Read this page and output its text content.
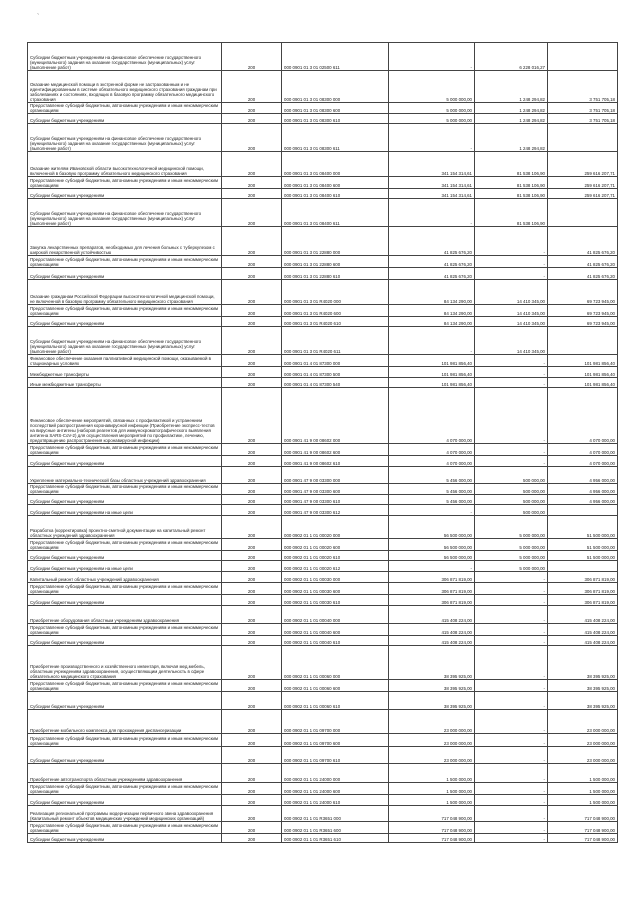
`
Субсидии бюджетным учреждениям на финансовое обеспечение государственного (муниципального) задания на оказание государственных (муниципальных) услуг (выполнение работ)	200	000 0901 01 3 01 02500 611	-	6 228 016,27	
Оказание медицинской помощи в экстренной форме не застрахованным и не идентифицированным в системе обязательного медицинского страхования гражданам при заболеваниях и состояниях, входящих в базовую программу обязательного медицинского страхования	200	000 0901 01 3 01 08300 000	5 000 000,00	1 248 294,82	3 751 705,18
Предоставление субсидий бюджетным, автономным учреждениям и иным некоммерческим организациям	200	000 0901 01 3 01 08300 600	5 000 000,00	1 248 294,82	3 751 705,18
Субсидии бюджетным учреждениям	200	000 0901 01 3 01 08300 610	5 000 000,00	1 248 294,82	3 751 705,18
Субсидии бюджетным учреждениям на финансовое обеспечение государственного (муниципального) задания на оказание государственных (муниципальных) услуг (выполнение работ)	200	000 0901 01 3 01 08300 611	-	1 248 294,82	
Оказание жителям Ивановской области высокотехнологичной медицинской помощи, включенной в базовую программу обязательного медицинского страхования	200	000 0901 01 3 01 08400 000	341 154 314,61	81 538 106,90	259 616 207,71
Предоставление субсидий бюджетным, автономным учреждениям и иным некоммерческим организациям	200	000 0901 01 3 01 08400 600	341 154 314,61	81 538 106,90	259 616 207,71
Субсидии бюджетным учреждениям	200	000 0901 01 3 01 08400 610	341 154 314,61	81 538 106,90	259 616 207,71
Субсидии бюджетным учреждениям на финансовое обеспечение государственного (муниципального) задания на оказание государственных (муниципальных) услуг (выполнение работ)	200	000 0901 01 3 01 08400 611	-	81 538 106,90	
Закупка лекарственных препаратов, необходимых для лечения больных с туберкулезом с широкой лекарственной устойчивостью	200	000 0901 01 3 01 22880 000	41 825 676,20	-	41 825 676,20
Предоставление субсидий бюджетным, автономным учреждениям и иным некоммерческим организациям	200	000 0901 01 3 01 22880 600	41 825 676,20	-	41 825 676,20
Субсидии бюджетным учреждениям	200	000 0901 01 3 01 22880 610	41 825 676,20	-	41 825 676,20
Оказание гражданам Российской Федерации высокотехнологичной медицинской помощи, не включенной в базовую программу обязательного медицинского страхования	200	000 0901 01 3 01 R4020 000	84 134 290,00	14 410 345,00	69 723 945,00
Предоставление субсидий бюджетным, автономным учреждениям и иным некоммерческим организациям	200	000 0901 01 3 01 R4020 600	84 134 290,00	14 410 345,00	69 723 945,00
Субсидии бюджетным учреждениям	200	000 0901 01 3 01 R4020 610	84 134 290,00	14 410 345,00	69 723 945,00
Субсидии бюджетным учреждениям на финансовое обеспечение государственного (муниципального) задания на оказание государственных (муниципальных) услуг (выполнение работ)	200	000 0901 01 3 01 R4020 611	-	14 410 345,00	
Финансовое обеспечение оказания паллиативной медицинской помощи, оказываемой в стационарных условиях	200	000 0901 01 4 01 87300 000	101 981 856,40	-	101 981 856,40
Межбюджетные трансферты	200	000 0901 01 4 01 87300 500	101 981 856,40	-	101 981 856,40
Иные межбюджетные трансферты	200	000 0901 01 4 01 87300 540	101 981 856,40	-	101 981 856,40
Финансовое обеспечение мероприятий, связанных с профилактикой и устранением последствий распространения коронавирусной инфекции (Приобретение экспресс-тестов на вирусные антигены (наборов реагентов для иммунохроматографического выявления антигена SARS-CoV-2) для осуществления мероприятий по профилактике, лечению, предотвращению распространения коронавирусной инфекции)	200	000 0901 41 9 00 08602 000	4 070 000,00	-	4 070 000,00
Предоставление субсидий бюджетным, автономным учреждениям и иным некоммерческим организациям	200	000 0901 41 9 00 08602 600	4 070 000,00	-	4 070 000,00
Субсидии бюджетным учреждениям	200	000 0901 41 9 00 08602 610	4 070 000,00	-	4 070 000,00
Укрепление материально-технической базы областных учреждений здравоохранения	200	000 0901 47 9 00 03300 000	5 456 000,00	500 000,00	4 956 000,00
Предоставление субсидий бюджетным, автономным учреждениям и иным некоммерческим организациям	200	000 0901 47 9 00 03300 600	5 456 000,00	500 000,00	4 956 000,00
Субсидии бюджетным учреждениям	200	000 0901 47 9 00 03300 610	5 456 000,00	500 000,00	4 956 000,00
Субсидии бюджетным учреждениям на иные цели	200	000 0901 47 9 00 03300 612	-	500 000,00	
Разработка (корректировка) проектно-сметной документации на капитальный ремонт областных учреждений здравоохранения	200	000 0902 01 1 01 00020 000	56 500 000,00	5 000 000,00	51 500 000,00
Предоставление субсидий бюджетным, автономным учреждениям и иным некоммерческим организациям	200	000 0902 01 1 01 00020 600	56 500 000,00	5 000 000,00	51 500 000,00
Субсидии бюджетным учреждениям	200	000 0902 01 1 01 00020 610	56 500 000,00	5 000 000,00	51 500 000,00
Субсидии бюджетным учреждениям на иные цели	200	000 0902 01 1 01 00020 612	-	5 000 000,00	
Капитальный ремонт областных учреждений здравоохранения	200	000 0902 01 1 01 00030 000	306 871 819,00	-	306 871 819,00
Предоставление субсидий бюджетным, автономным учреждениям и иным некоммерческим организациям	200	000 0902 01 1 01 00030 600	306 871 819,00	-	306 871 819,00
Субсидии бюджетным учреждениям	200	000 0902 01 1 01 00030 610	306 871 819,00	-	306 871 819,00
Приобретение оборудования областным учреждениям здравоохранения	200	000 0902 01 1 01 00040 000	415 408 224,00	-	415 408 224,00
Предоставление субсидий бюджетным, автономным учреждениям и иным некоммерческим организациям	200	000 0902 01 1 01 00040 600	415 408 224,00	-	415 408 224,00
Субсидии бюджетным учреждениям	200	000 0902 01 1 01 00040 610	415 408 224,00	-	415 408 224,00
Приобретение производственного и хозяйственного инвентаря, включая мед.мебель, областным учреждениям здравоохранения, осуществляющим деятельность в сфере обязательного медицинского страхования	200	000 0902 01 1 01 00060 000	38 395 925,00	-	38 395 925,00
Предоставление субсидий бюджетным, автономным учреждениям и иным некоммерческим организациям	200	000 0902 01 1 01 00060 600	38 395 925,00	-	38 395 925,00
Субсидии бюджетным учреждениям	200	000 0902 01 1 01 00060 610	38 395 925,00	-	38 395 925,00
Приобретение мобильного комплекса для прохождения диспансеризации	200	000 0902 01 1 01 09700 000	23 000 000,00	-	23 000 000,00
Предоставление субсидий бюджетным, автономным учреждениям и иным некоммерческим организациям	200	000 0902 01 1 01 09700 600	23 000 000,00	-	23 000 000,00
Субсидии бюджетным учреждениям	200	000 0902 01 1 01 09700 610	23 000 000,00	-	23 000 000,00
Приобретение автотранспорта областным учреждениям здравоохранения	200	000 0902 01 1 01 24000 000	1 500 000,00	-	1 500 000,00
Предоставление субсидий бюджетным, автономным учреждениям и иным некоммерческим организациям	200	000 0902 01 1 01 24000 600	1 500 000,00	-	1 500 000,00
Субсидии бюджетным учреждениям	200	000 0902 01 1 01 24000 610	1 500 000,00	-	1 500 000,00
Реализация региональной программы модернизации первичного звена здравоохранения (Капитальный ремонт объектов медицинских учреждений медицинских организаций)	200	000 0902 01 1 01 R3651 000	717 048 900,00	-	717 048 900,00
Предоставление субсидий бюджетным, автономным учреждениям и иным некоммерческим организациям	200	000 0902 01 1 01 R3651 600	717 048 900,00	-	717 048 900,00
Субсидии бюджетным учреждениям	200	000 0902 01 1 01 R3651 610	717 048 900,00	-	717 048 900,00
